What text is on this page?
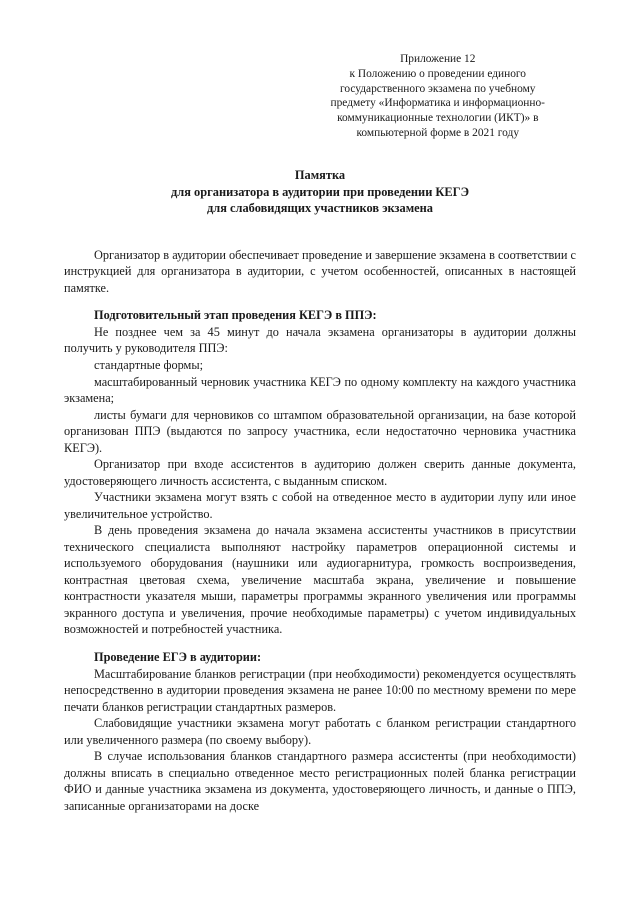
Приложение 12
к Положению о проведении единого
государственного экзамена по учебному
предмету «Информатика и информационно-
коммуникационные технологии (ИКТ)» в
компьютерной форме в 2021 году
Памятка
для организатора в аудитории при проведении КЕГЭ
для слабовидящих участников экзамена

Организатор в аудитории обеспечивает проведение и завершение экзамена в соответствии с инструкцией для организатора в аудитории, с учетом особенностей, описанных в настоящей памятке.

Подготовительный этап проведения КЕГЭ в ППЭ:

Не позднее чем за 45 минут до начала экзамена организаторы в аудитории должны получить у руководителя ППЭ:

стандартные формы;

масштабированный черновик участника КЕГЭ по одному комплекту на каждого участника экзамена;

листы бумаги для черновиков со штампом образовательной организации, на базе которой организован ППЭ (выдаются по запросу участника, если недостаточно черновика участника КЕГЭ).

Организатор при входе ассистентов в аудиторию должен сверить данные документа, удостоверяющего личность ассистента, с выданным списком.

Участники экзамена могут взять с собой на отведенное место в аудитории лупу или иное увеличительное устройство.

В день проведения экзамена до начала экзамена ассистенты участников в присутствии технического специалиста выполняют настройку параметров операционной системы и используемого оборудования (наушники или аудиогарнитура, громкость воспроизведения, контрастная цветовая схема, увеличение масштаба экрана, увеличение и повышение контрастности указателя мыши, параметры программы экранного увеличения или программы экранного доступа и увеличения, прочие необходимые параметры) с учетом индивидуальных возможностей и потребностей участника.

Проведение ЕГЭ в аудитории:

Масштабирование бланков регистрации (при необходимости) рекомендуется осуществлять непосредственно в аудитории проведения экзамена не ранее 10:00 по местному времени по мере печати бланков регистрации стандартных размеров.

Слабовидящие участники экзамена могут работать с бланком регистрации стандартного или увеличенного размера (по своему выбору).

В случае использования бланков стандартного размера ассистенты (при необходимости) должны вписать в специально отведенное место регистрационных полей бланка регистрации ФИО и данные участника экзамена из документа, удостоверяющего личность, и данные о ППЭ, записанные организаторами на доске
